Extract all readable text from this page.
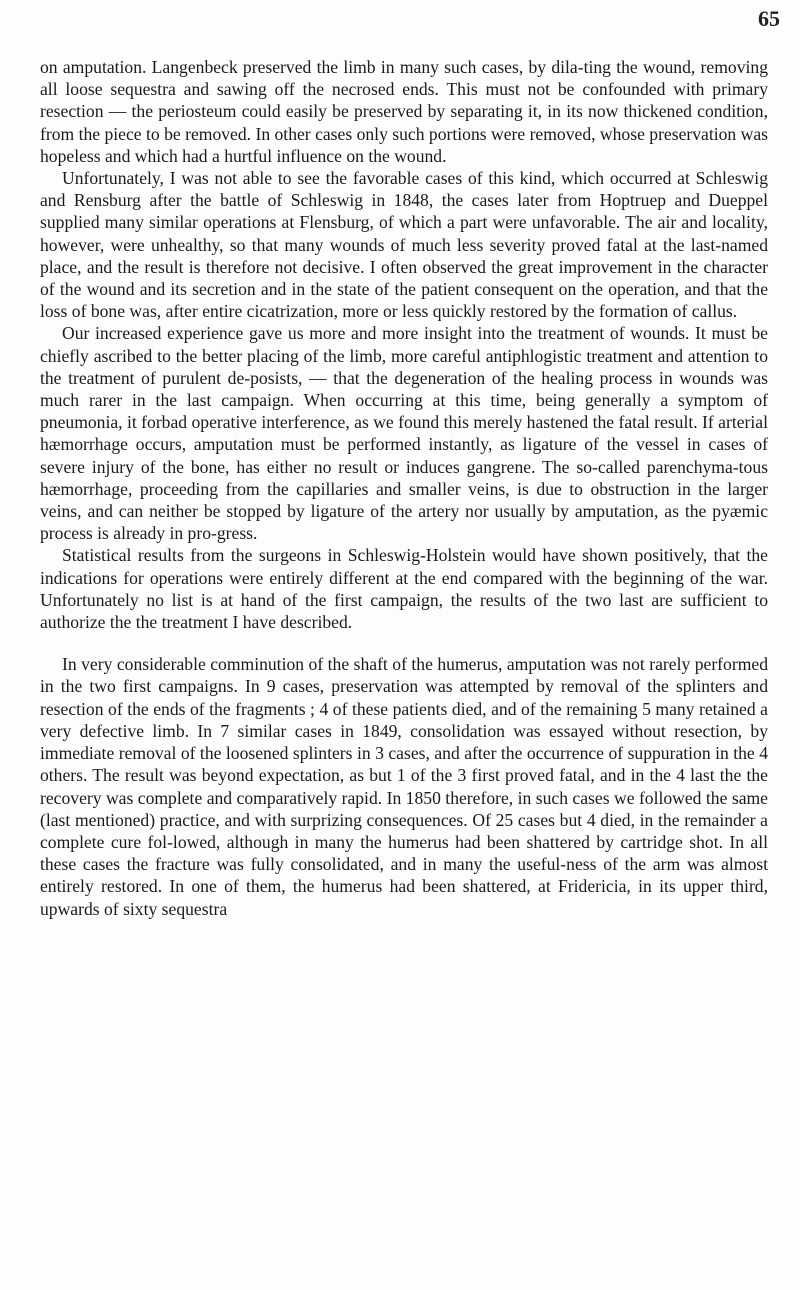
65

on amputation. Langenbeck preserved the limb in many such cases, by dila-ting the wound, removing all loose sequestra and sawing off the necrosed ends. This must not be confounded with primary resection — the periosteum could easily be preserved by separating it, in its now thickened condition, from the piece to be removed. In other cases only such portions were removed, whose preservation was hopeless and which had a hurtful influence on the wound.

Unfortunately, I was not able to see the favorable cases of this kind, which occurred at Schleswig and Rensburg after the battle of Schleswig in 1848, the cases later from Hoptruep and Dueppel supplied many similar operations at Flensburg, of which a part were unfavorable. The air and locality, however, were unhealthy, so that many wounds of much less severity proved fatal at the last-named place, and the result is therefore not decisive. I often observed the great improvement in the character of the wound and its secretion and in the state of the patient consequent on the operation, and that the loss of bone was, after entire cicatrization, more or less quickly restored by the formation of callus.

Our increased experience gave us more and more insight into the treatment of wounds. It must be chiefly ascribed to the better placing of the limb, more careful antiphlogistic treatment and attention to the treatment of purulent de-posists, — that the degeneration of the healing process in wounds was much rarer in the last campaign. When occurring at this time, being generally a symptom of pneumonia, it forbad operative interference, as we found this merely hastened the fatal result. If arterial hæmorrhage occurs, amputation must be performed instantly, as ligature of the vessel in cases of severe injury of the bone, has either no result or induces gangrene. The so-called parenchyma-tous hæmorrhage, proceeding from the capillaries and smaller veins, is due to obstruction in the larger veins, and can neither be stopped by ligature of the artery nor usually by amputation, as the pyæmic process is already in pro-gress.

Statistical results from the surgeons in Schleswig-Holstein would have shown positively, that the indications for operations were entirely different at the end compared with the beginning of the war. Unfortunately no list is at hand of the first campaign, the results of the two last are sufficient to authorize the the treatment I have described.

In very considerable comminution of the shaft of the humerus, amputation was not rarely performed in the two first campaigns. In 9 cases, preservation was attempted by removal of the splinters and resection of the ends of the fragments ; 4 of these patients died, and of the remaining 5 many retained a very defective limb. In 7 similar cases in 1849, consolidation was essayed without resection, by immediate removal of the loosened splinters in 3 cases, and after the occurrence of suppuration in the 4 others. The result was beyond expectation, as but 1 of the 3 first proved fatal, and in the 4 last the the recovery was complete and comparatively rapid. In 1850 therefore, in such cases we followed the same (last mentioned) practice, and with surprizing consequences. Of 25 cases but 4 died, in the remainder a complete cure fol-lowed, although in many the humerus had been shattered by cartridge shot. In all these cases the fracture was fully consolidated, and in many the useful-ness of the arm was almost entirely restored. In one of them, the humerus had been shattered, at Fridericia, in its upper third, upwards of sixty sequestra
